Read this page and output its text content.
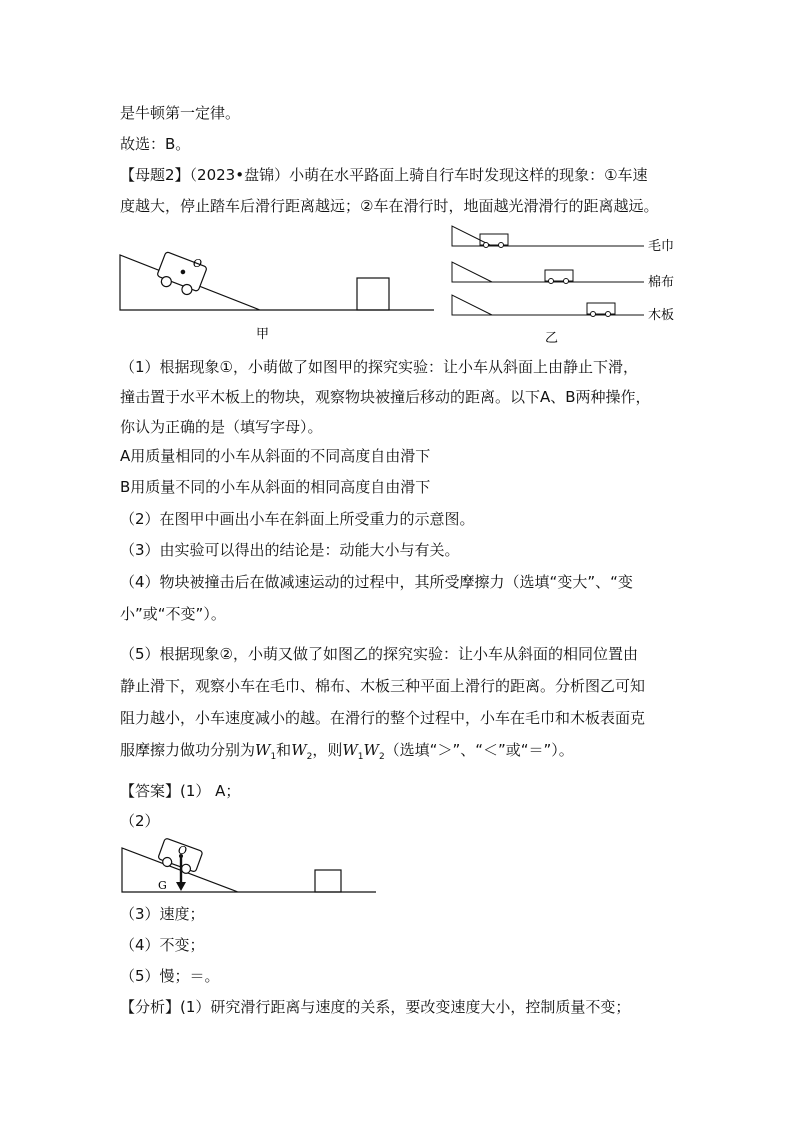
是牛顿第一定律。
故选：B。
【母题2】（2023•盘锦）小萌在水平路面上骑自行车时发现这样的现象：①车速
度越大，停止踏车后滑行距离越远；②车在滑行时，地面越光滑滑行的距离越远。
O
甲
毛巾
棉布
木板
乙
（1）根据现象①，小萌做了如图甲的探究实验：让小车从斜面上由静止下滑，
撞击置于水平木板上的物块，观察物块被撞后移动的距离。以下A、B两种操作，
你认为正确的是（填写字母）。
A用质量相同的小车从斜面的不同高度自由滑下
B用质量不同的小车从斜面的相同高度自由滑下
（2）在图甲中画出小车在斜面上所受重力的示意图。
（3）由实验可以得出的结论是：动能大小与有关。
（4）物块被撞击后在做减速运动的过程中，其所受摩擦力（选填“变大”、“变
小”或“不变”）。
（5）根据现象②，小萌又做了如图乙的探究实验：让小车从斜面的相同位置由
静止滑下，观察小车在毛巾、棉布、木板三种平面上滑行的距离。分析图乙可知
阻力越小，小车速度减小的越。在滑行的整个过程中，小车在毛巾和木板表面克
服摩擦力做功分别为$W_1$和$W_2$，则$W_1W_2$（选填“＞”、“＜”或“＝”）。
【答案】(1） A；
（2）
O
G
（3）速度；
（4）不变；
（5）慢；＝。
【分析】(1）研究滑行距离与速度的关系，要改变速度大小，控制质量不变；
